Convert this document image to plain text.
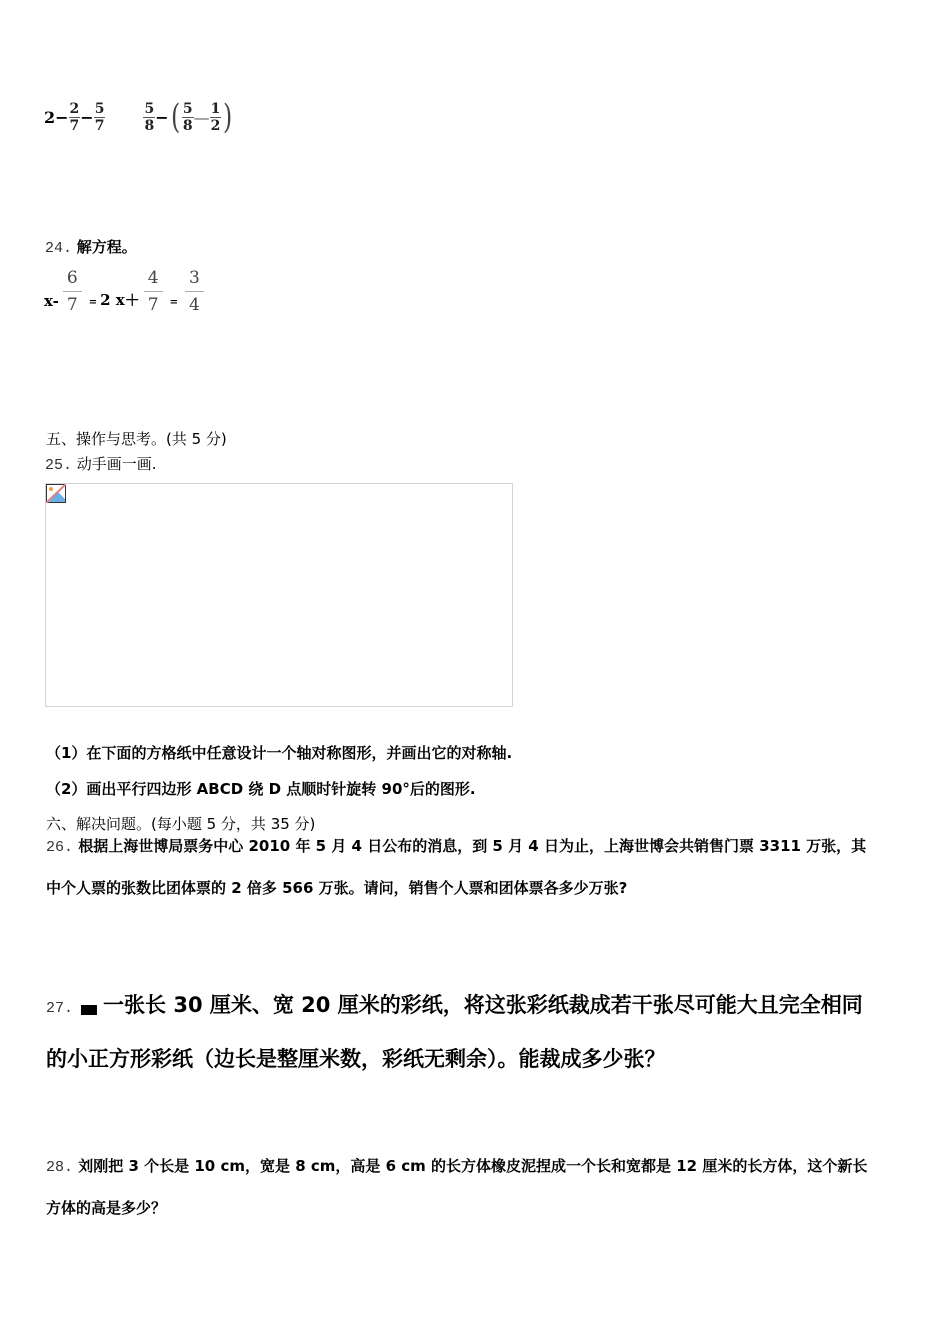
$2 - \frac{2}{7} - \frac{5}{7}$	$\frac{5}{8}$ − ( $\frac{5}{8}$ — $\frac{1}{2}$ )
24. 解方程。
$x- \frac{6}{7} = 2$ $x+ \frac{4}{7} = \frac{3}{4}$
五、操作与思考。(共 5 分)
25. 动手画一画.
（1）在下面的方格纸中任意设计一个轴对称图形，并画出它的对称轴.
（2）画出平行四边形 ABCD 绕 D 点顺时针旋转 90°后的图形.
六、解决问题。(每小题 5 分，共 35 分)
26. 根据上海世博局票务中心 2010 年 5 月 4 日公布的消息，到 5 月 4 日为止，上海世博会共销售门票 3311 万张，其
中个人票的张数比团体票的 2 倍多 566 万张。请问，销售个人票和团体票各多少万张?
27. 一张长 30 厘米、宽 20 厘米的彩纸，将这张彩纸裁成若干张尽可能大且完全相同
的小正方形彩纸（边长是整厘米数，彩纸无剩余）。能裁成多少张？
28. 刘刚把 3 个长是 10 cm，宽是 8 cm，高是 6 cm 的长方体橡皮泥捏成一个长和宽都是 12 厘米的长方体，这个新长
方体的高是多少？
